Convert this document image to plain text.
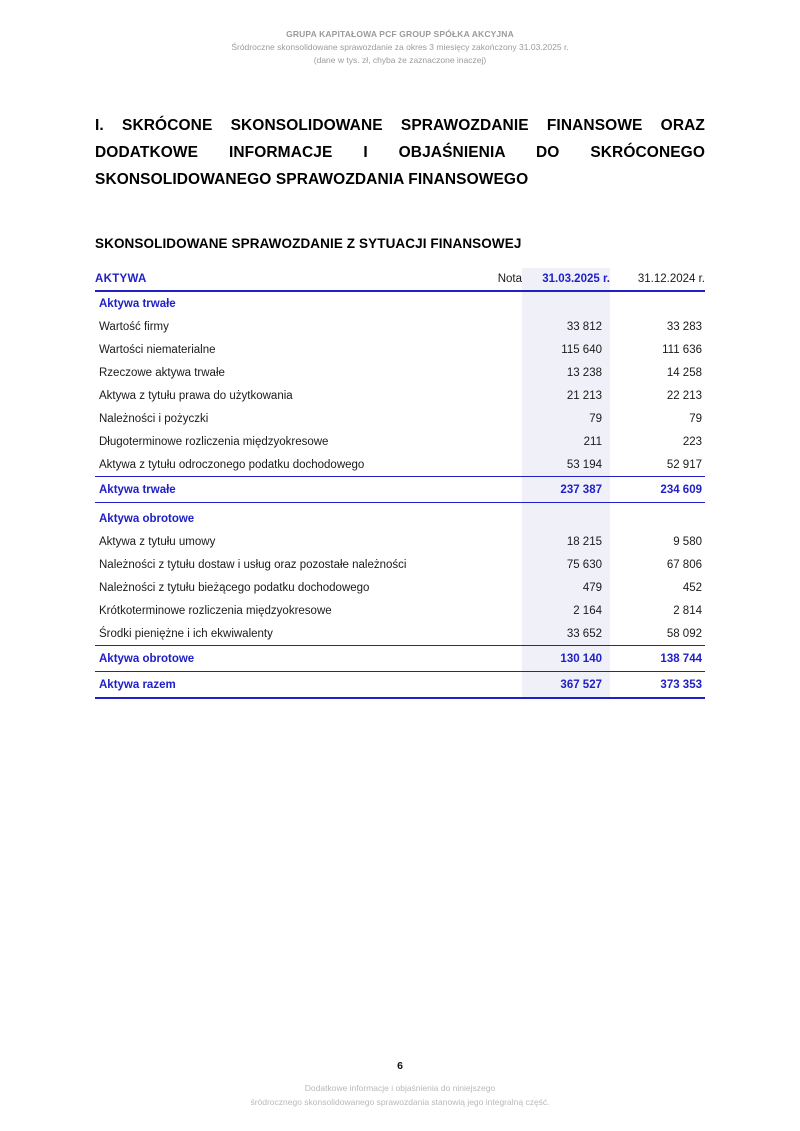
GRUPA KAPITAŁOWA PCF GROUP SPÓŁKA AKCYJNA
Śródroczne skonsolidowane sprawozdanie za okres 3 miesięcy zakończony 31.03.2025 r.
(dane w tys. zł, chyba że zaznaczone inaczej)
I. SKRÓCONE SKONSOLIDOWANE SPRAWOZDANIE FINANSOWE ORAZ DODATKOWE INFORMACJE I OBJAŚNIENIA DO SKRÓCONEGO SKONSOLIDOWANEGO SPRAWOZDANIA FINANSOWEGO
SKONSOLIDOWANE SPRAWOZDANIE Z SYTUACJI FINANSOWEJ
AKTYWA	Nota	31.03.2025 r.	31.12.2024 r.
Aktywa trwałe			
Wartość firmy		33 812	33 283
Wartości niematerialne		115 640	111 636
Rzeczowe aktywa trwałe		13 238	14 258
Aktywa z tytułu prawa do użytkowania		21 213	22 213
Należności i pożyczki		79	79
Długoterminowe rozliczenia międzyokresowe		211	223
Aktywa z tytułu odroczonego podatku dochodowego		53 194	52 917
Aktywa trwałe		237 387	234 609

Aktywa obrotowe			
Aktywa z tytułu umowy		18 215	9 580
Należności z tytułu dostaw i usług oraz pozostałe należności		75 630	67 806
Należności z tytułu bieżącego podatku dochodowego		479	452
Krótkoterminowe rozliczenia międzyokresowe		2 164	2 814
Środki pieniężne i ich ekwiwalenty		33 652	58 092
Aktywa obrotowe		130 140	138 744
Aktywa razem		367 527	373 353
6
Dodatkowe informacje i objaśnienia do niniejszego
śródrocznego skonsolidowanego sprawozdania stanowią jego integralną część.
